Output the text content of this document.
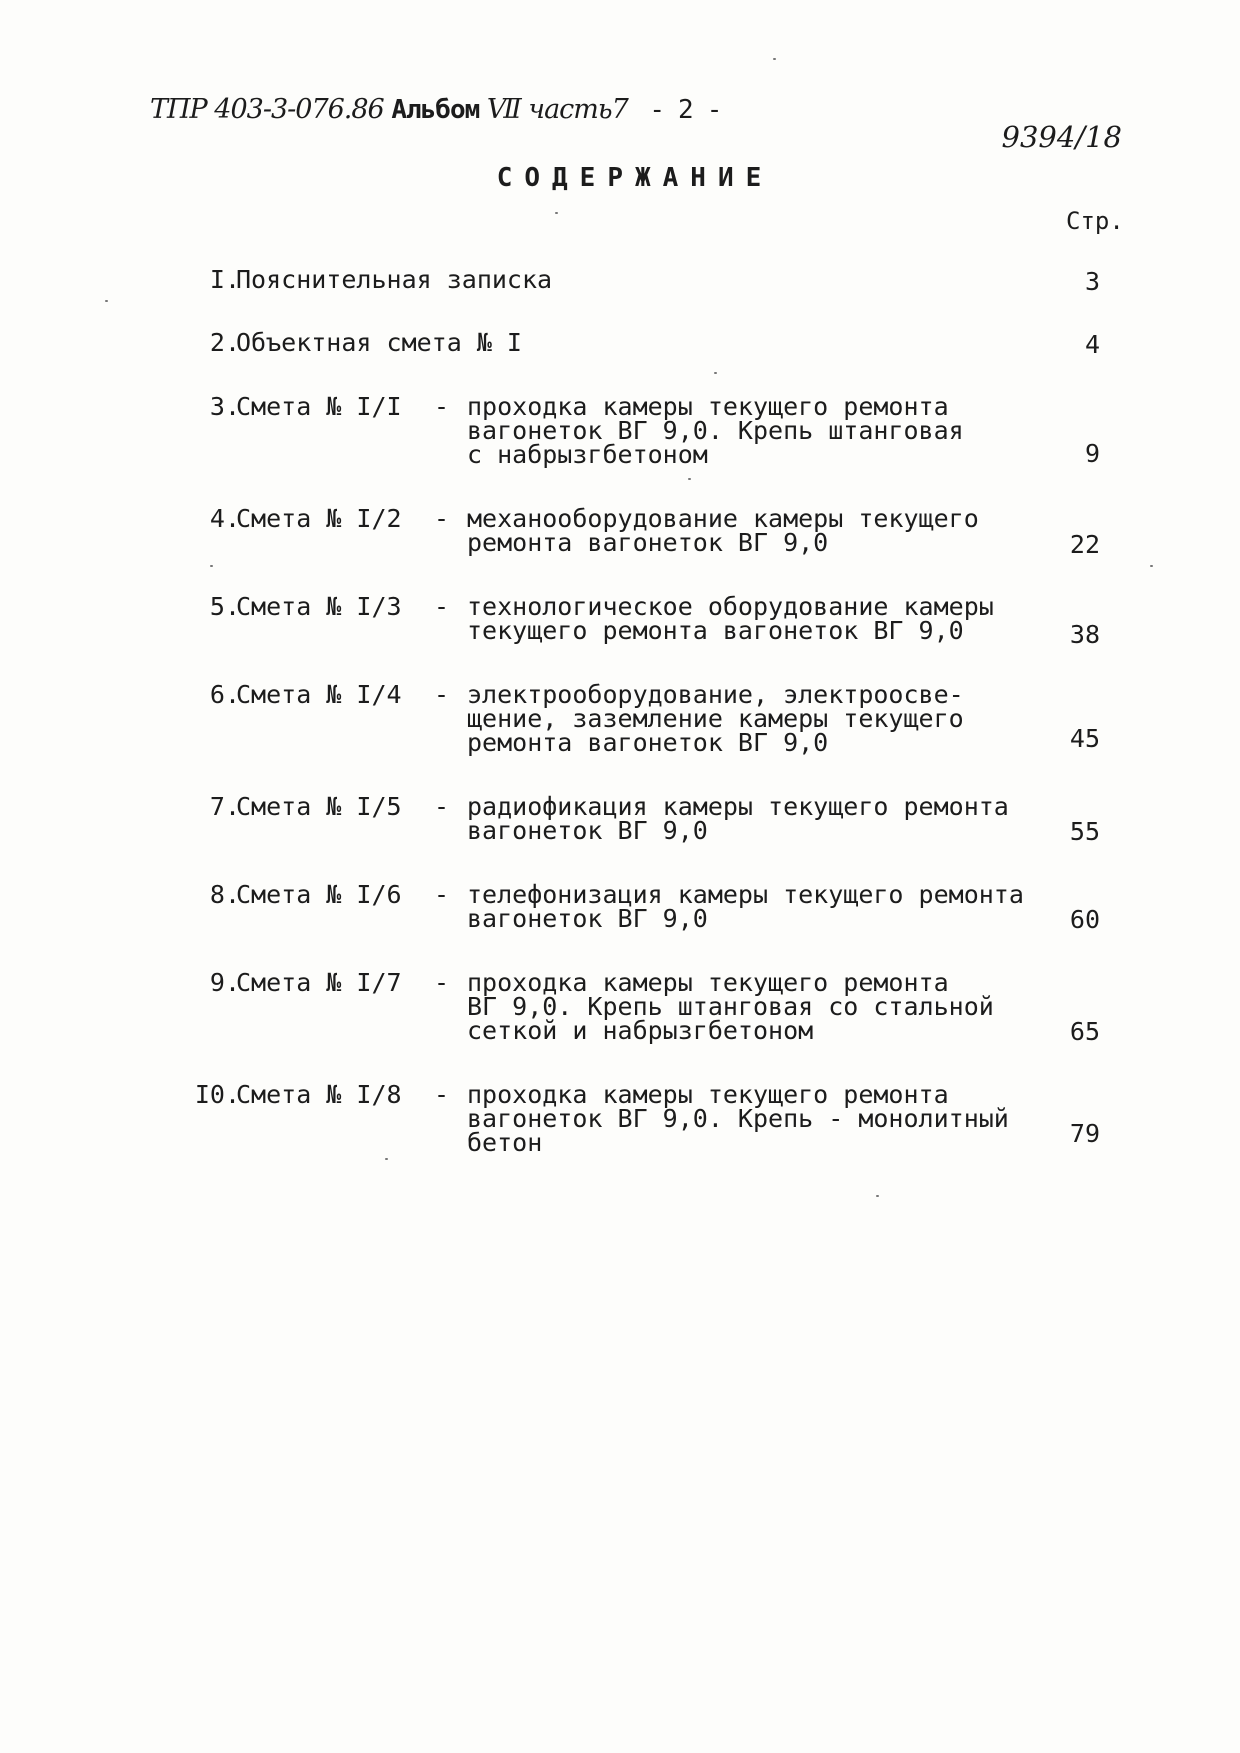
ТПР 403-3-076.86 Альбом Ⅶ часть7 - 2 -
9394/18
СОДЕРЖАНИЕ
Стр.
I.
Пояснительная записка	3
2.
Объектная смета № I	4
3.
Смета № I/I - проходка камеры текущего ремонта
вагонеток ВГ 9,0. Крепь штанговая
с набрызгбетоном	9
4.
Смета № I/2 - механооборудование камеры текущего
ремонта вагонеток ВГ 9,0	22
5.
Смета № I/3 - технологическое оборудование камеры
текущего ремонта вагонеток ВГ 9,0	38
6.
Смета № I/4 - электрооборудование, электроосве-
щение, заземление камеры текущего
ремонта вагонеток ВГ 9,0	45
7.
Смета № I/5 - радиофикация камеры текущего ремонта
вагонеток ВГ 9,0	55
8.
Смета № I/6 - телефонизация камеры текущего ремонта
вагонеток ВГ 9,0	60
9.
Смета № I/7 - проходка камеры текущего ремонта
ВГ 9,0. Крепь штанговая со стальной
сеткой и набрызгбетоном	65
I0.
Смета № I/8 - проходка камеры текущего ремонта
вагонеток ВГ 9,0. Крепь - монолитный
бетон	79
